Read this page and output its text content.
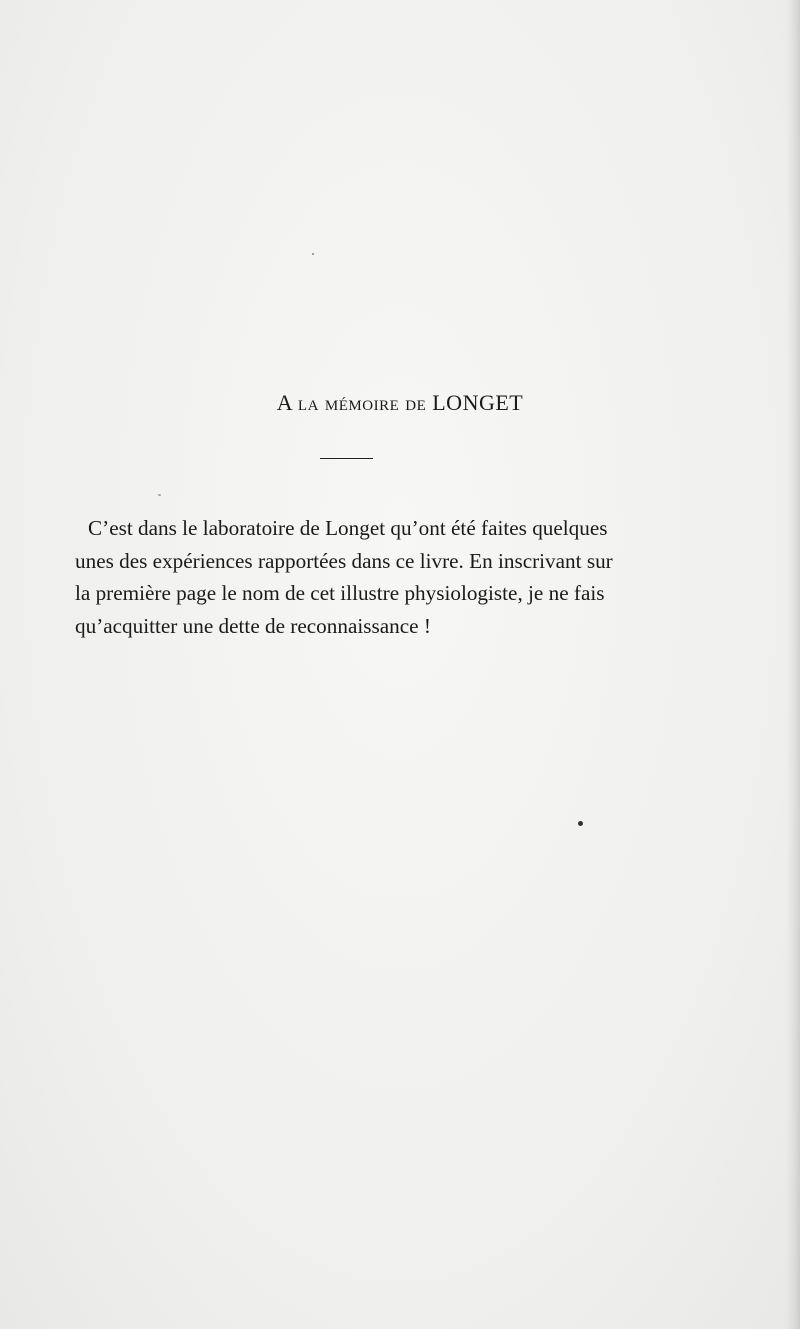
A la mémoire de LONGET
C’est dans le laboratoire de Longet qu’ont été faites quelques
unes des expériences rapportées dans ce livre. En inscrivant sur
la première page le nom de cet illustre physiologiste, je ne fais
qu’acquitter une dette de reconnaissance !
